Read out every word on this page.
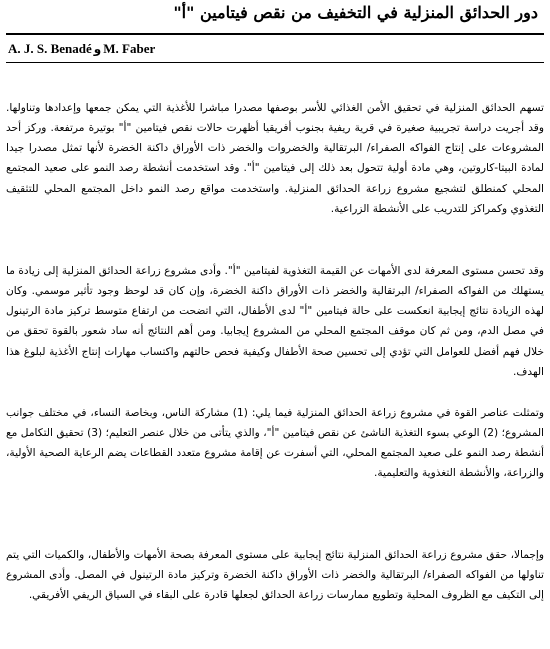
دور الحدائق المنزلية في التخفيف من نقص فيتامين "أ"
A. J. S. Benadé و M. Faber

تسهم الحدائق المنزلية في تحقيق الأمن الغذائي للأسر بوصفها مصدرا مباشرا للأغذية التي يمكن جمعها وإعدادها وتناولها. وقد أجريت دراسة تجريبية صغيرة في قرية ريفية بجنوب أفريقيا أظهرت حالات نقص فيتامين "أ" بوتيرة مرتفعة. وركز أحد المشروعات على إنتاج الفواكه الصفراء/ البرتقالية والخضروات والخضر ذات الأوراق داكنة الخضرة لأنها تمثل مصدرا جيدا لمادة البيتا-كاروتين، وهي مادة أولية تتحول بعد ذلك إلى فيتامين "أ". وقد استخدمت أنشطة رصد النمو على صعيد المجتمع المحلي كمنطلق لتشجيع مشروع زراعة الحدائق المنزلية. واستخدمت مواقع رصد النمو داخل المجتمع المحلي للتثقيف التغذوي وكمراكز للتدريب على الأنشطة الزراعية.

وقد تحسن مستوى المعرفة لدى الأمهات عن القيمة التغذوية لفيتامين "أ". وأدى مشروع زراعة الحدائق المنزلية إلى زيادة ما يستهلك من الفواكه الصفراء/ البرتقالية والخضر ذات الأوراق داكنة الخضرة، وإن كان قد لوحظ وجود تأثير موسمي. وكان لهذه الزيادة نتائج إيجابية انعكست على حالة فيتامين "أ" لدى الأطفال، التي اتضحت من ارتفاع متوسط تركيز مادة الرتينول في مصل الدم، ومن ثم كان موقف المجتمع المحلي من المشروع إيجابيا. ومن أهم النتائج أنه ساد شعور بالقوة تحقق من خلال فهم أفضل للعوامل التي تؤدي إلى تحسين صحة الأطفال وكيفية فحص حالتهم واكتساب مهارات إنتاج الأغذية لبلوغ هذا الهدف.

وتمثلت عناصر القوة في مشروع زراعة الحدائق المنزلية فيما يلي: (1) مشاركة الناس، وبخاصة النساء، في مختلف جوانب المشروع؛ (2) الوعي بسوء التغذية الناشئ عن نقص فيتامين "أ"، والذي يتأتى من خلال عنصر التعليم؛ (3) تحقيق التكامل مع أنشطة رصد النمو على صعيد المجتمع المحلي، التي أسفرت عن إقامة مشروع متعدد القطاعات يضم الرعاية الصحية الأولية، والزراعة، والأنشطة التغذوية والتعليمية.

وإجمالا، حقق مشروع زراعة الحدائق المنزلية نتائج إيجابية على مستوى المعرفة بصحة الأمهات والأطفال، والكميات التي يتم تناولها من الفواكه الصفراء/ البرتقالية والخضر ذات الأوراق داكنة الخضرة وتركيز مادة الرتينول في المصل. وأدى المشروع إلى التكيف مع الظروف المحلية وتطويع ممارسات زراعة الحدائق لجعلها قادرة على البقاء في السياق الريفي الأفريقي.
